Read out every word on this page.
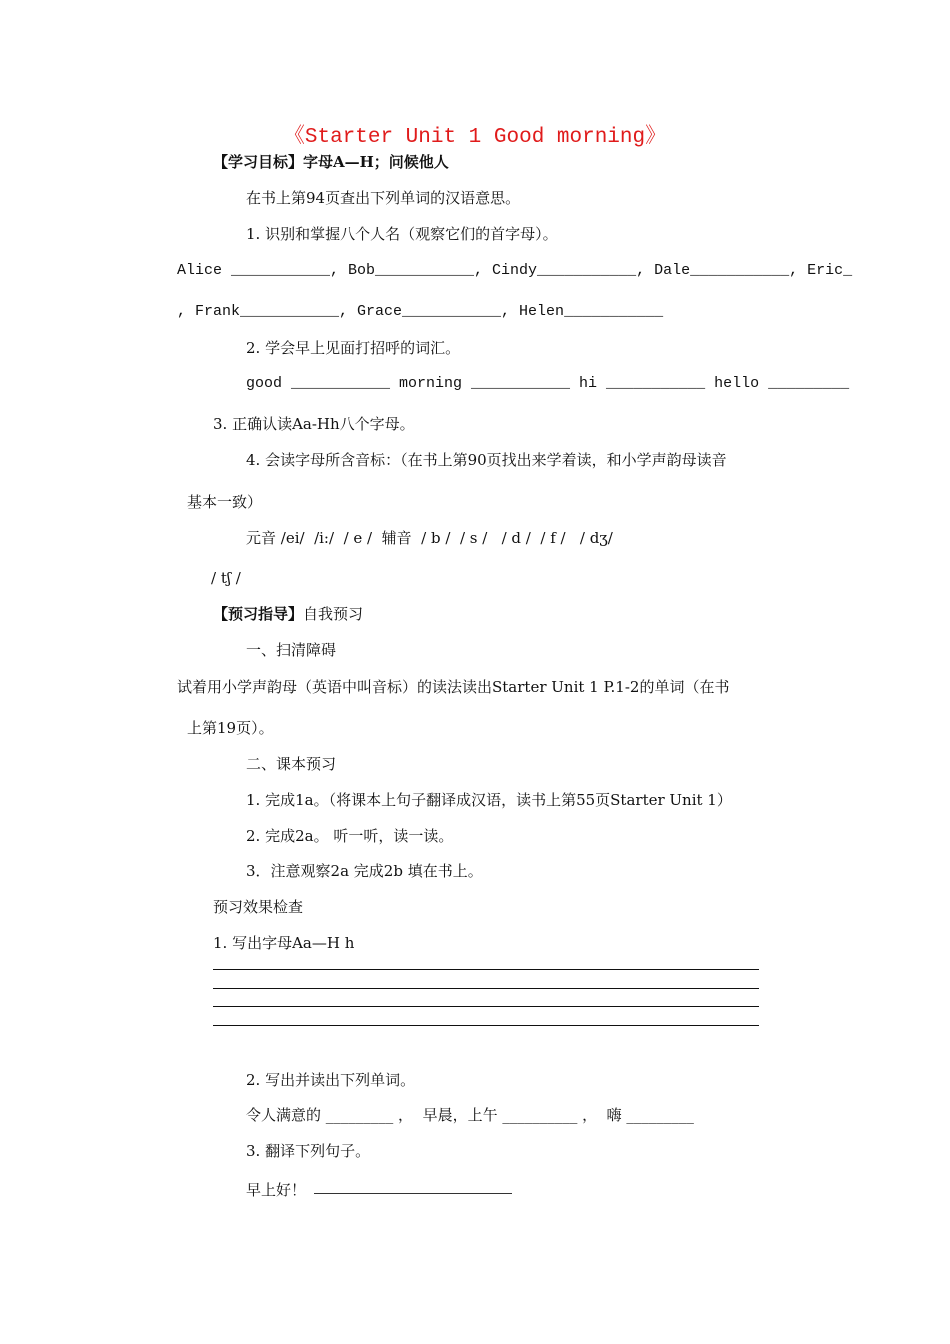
《Starter Unit 1 Good morning》
【学习目标】字母A—H；问候他人
在书上第94页查出下列单词的汉语意思。
1. 识别和掌握八个人名（观察它们的首字母）。
Alice ___________, Bob___________, Cindy___________, Dale___________, Eric_
, Frank___________, Grace___________, Helen___________
2. 学会早上见面打招呼的词汇。
good ___________ morning ___________ hi ___________ hello _________
3. 正确认读Aa-Hh八个字母。
4. 会读字母所含音标：（在书上第90页找出来学着读，和小学声韵母读音
基本一致）
元音 /ei/  /i:/  / e /  辅音  / b /  / s /   / d /  / f /   / dʒ/
/ tʃ /
【预习指导】自我预习
一、扫清障碍
试着用小学声韵母（英语中叫音标）的读法读出Starter Unit 1 P.1-2的单词（在书
上第19页）。
二、课本预习
1. 完成1a。（将课本上句子翻译成汉语，读书上第55页Starter Unit 1）
2. 完成2a。 听一听，读一读。
3．注意观察2a 完成2b 填在书上。
预习效果检查
1. 写出字母Aa—H h
2. 写出并读出下列单词。
令人满意的 _________ ，  早晨，上午 __________ ，  嗨 _________
3. 翻译下列句子。
早上好！
